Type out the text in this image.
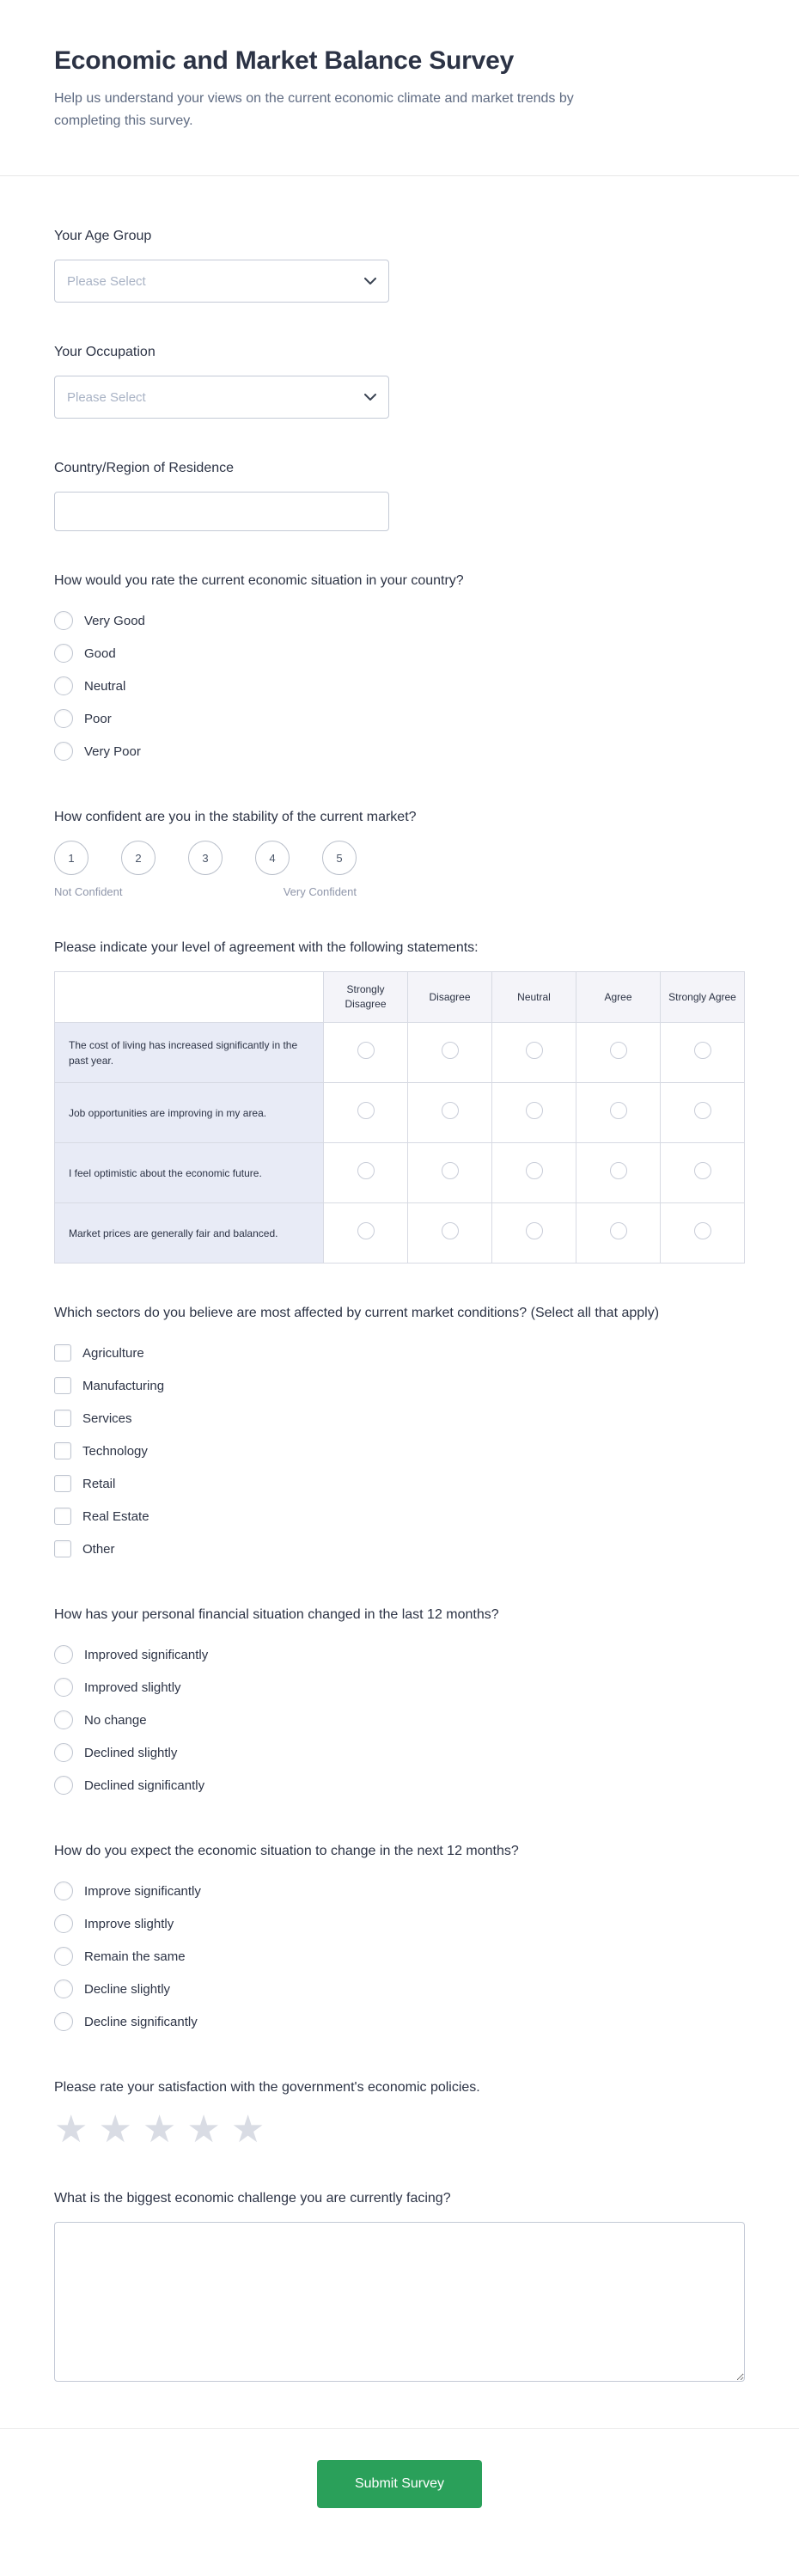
Economic and Market Balance Survey

Help us understand your views on the current economic climate and market trends by completing this survey.

Your Age Group
Please Select
Your Occupation
Please Select
Country/Region of Residence
How would you rate the current economic situation in your country?
Very Good
Good
Neutral
Poor
Very Poor
How confident are you in the stability of the current market?
1	2	3	4	5
Not Confident	Very Confident
Please indicate your level of agreement with the following statements:
	Strongly Disagree	Disagree	Neutral	Agree	Strongly Agree
The cost of living has increased significantly in the past year.					
Job opportunities are improving in my area.					
I feel optimistic about the economic future.					
Market prices are generally fair and balanced.					
Which sectors do you believe are most affected by current market conditions? (Select all that apply)
Agriculture
Manufacturing
Services
Technology
Retail
Real Estate
Other
How has your personal financial situation changed in the last 12 months?
Improved significantly
Improved slightly
No change
Declined slightly
Declined significantly
How do you expect the economic situation to change in the next 12 months?
Improve significantly
Improve slightly
Remain the same
Decline slightly
Decline significantly
Please rate your satisfaction with the government's economic policies.
★
★
★
★
★
What is the biggest economic challenge you are currently facing?
Submit Survey
